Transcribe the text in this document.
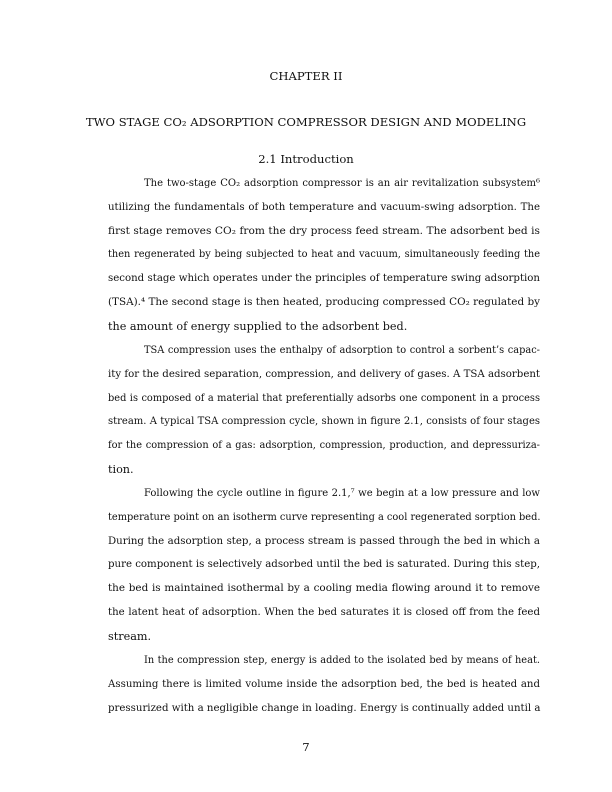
CHAPTER II
TWO STAGE CO₂ ADSORPTION COMPRESSOR DESIGN AND MODELING
2.1 Introduction
The two-stage CO₂ adsorption compressor is an air revitalization subsystem⁶
utilizing the fundamentals of both temperature and vacuum-swing adsorption. The
first stage removes CO₂ from the dry process feed stream. The adsorbent bed is
then regenerated by being subjected to heat and vacuum, simultaneously feeding the
second stage which operates under the principles of temperature swing adsorption
(TSA).⁴ The second stage is then heated, producing compressed CO₂ regulated by
the amount of energy supplied to the adsorbent bed.
TSA compression uses the enthalpy of adsorption to control a sorbent’s capac-
ity for the desired separation, compression, and delivery of gases. A TSA adsorbent
bed is composed of a material that preferentially adsorbs one component in a process
stream. A typical TSA compression cycle, shown in figure 2.1, consists of four stages
for the compression of a gas: adsorption, compression, production, and depressuriza-
tion.
Following the cycle outline in figure 2.1,⁷ we begin at a low pressure and low
temperature point on an isotherm curve representing a cool regenerated sorption bed.
During the adsorption step, a process stream is passed through the bed in which a
pure component is selectively adsorbed until the bed is saturated. During this step,
the bed is maintained isothermal by a cooling media flowing around it to remove
the latent heat of adsorption. When the bed saturates it is closed off from the feed
stream.
In the compression step, energy is added to the isolated bed by means of heat.
Assuming there is limited volume inside the adsorption bed, the bed is heated and
pressurized with a negligible change in loading. Energy is continually added until a
7
